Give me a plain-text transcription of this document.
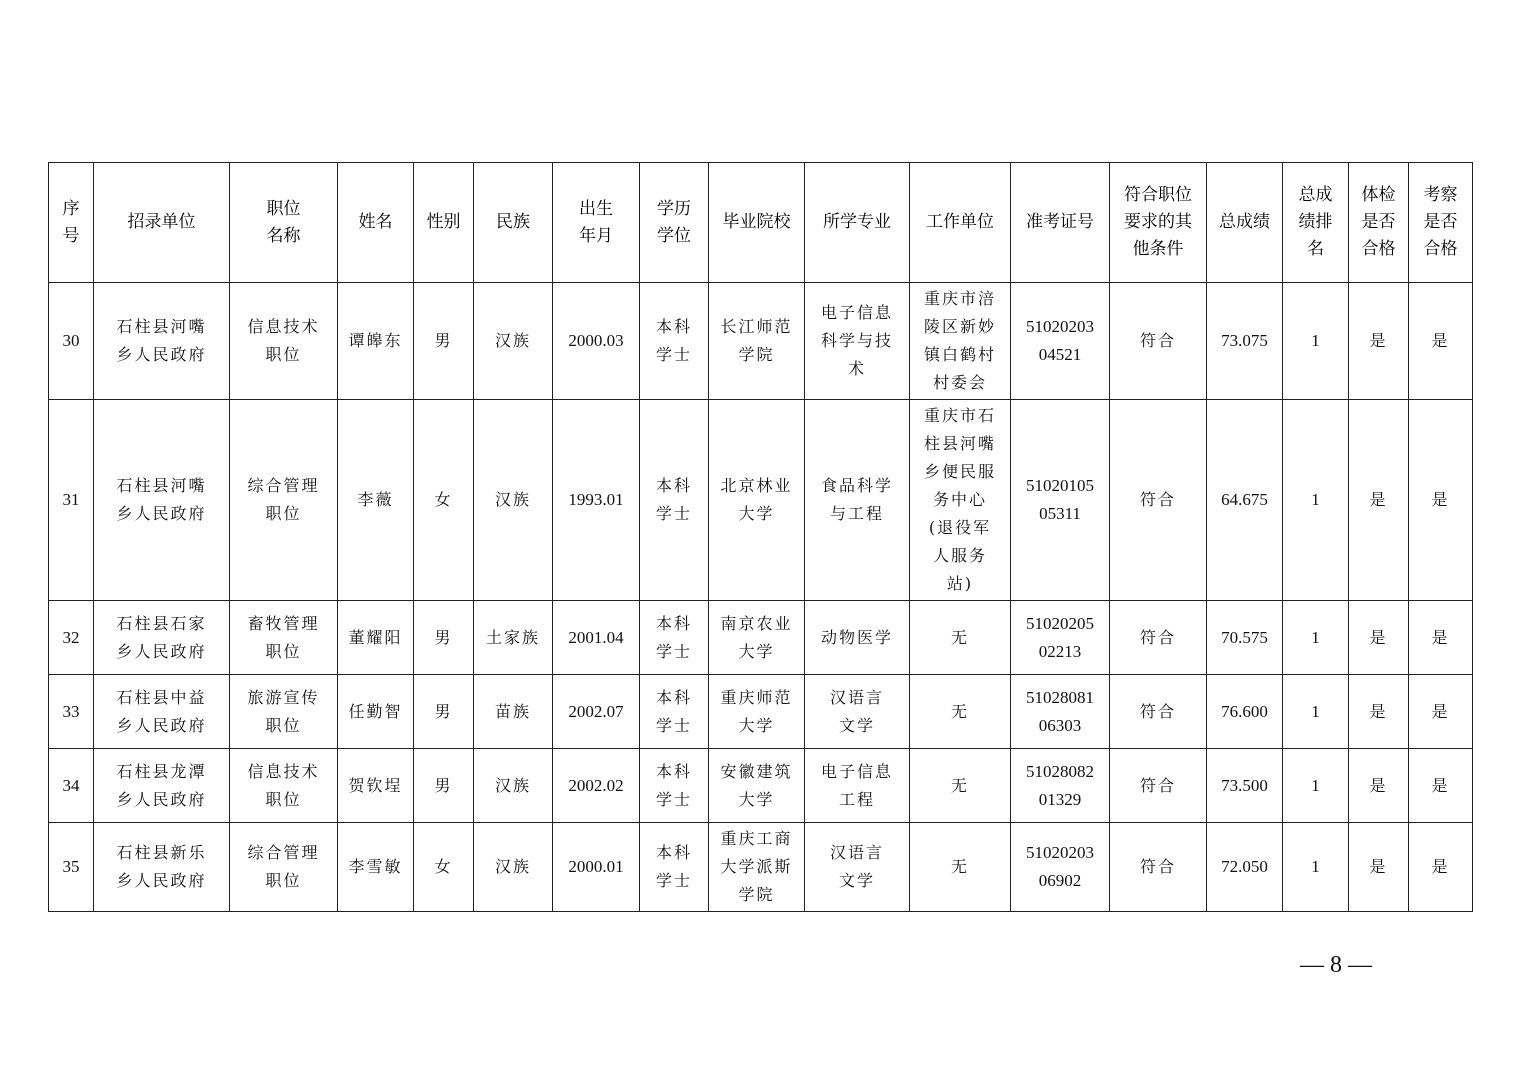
序号	招录单位	职位名称	姓名	性别	民族	出生年月	学历学位	毕业院校	所学专业	工作单位	准考证号	符合职位要求的其他条件	总成绩	总成绩排名	体检是否合格	考察是否合格
30	石柱县河嘴乡人民政府	信息技术职位	谭皞东	男	汉族	2000.03	本科学士	长江师范学院	电子信息科学与技术	重庆市涪陵区新妙镇白鹤村村委会	5102020304521	符合	73.075	1	是	是
31	石柱县河嘴乡人民政府	综合管理职位	李薇	女	汉族	1993.01	本科学士	北京林业大学	食品科学与工程	重庆市石柱县河嘴乡便民服务中心(退役军人服务站)	5102010505311	符合	64.675	1	是	是
32	石柱县石家乡人民政府	畜牧管理职位	董耀阳	男	土家族	2001.04	本科学士	南京农业大学	动物医学	无	5102020502213	符合	70.575	1	是	是
33	石柱县中益乡人民政府	旅游宣传职位	任勤智	男	苗族	2002.07	本科学士	重庆师范大学	汉语言文学	无	5102808106303	符合	76.600	1	是	是
34	石柱县龙潭乡人民政府	信息技术职位	贺钦埕	男	汉族	2002.02	本科学士	安徽建筑大学	电子信息工程	无	5102808201329	符合	73.500	1	是	是
35	石柱县新乐乡人民政府	综合管理职位	李雪敏	女	汉族	2000.01	本科学士	重庆工商大学派斯学院	汉语言文学	无	5102020306902	符合	72.050	1	是	是
— 8 —
